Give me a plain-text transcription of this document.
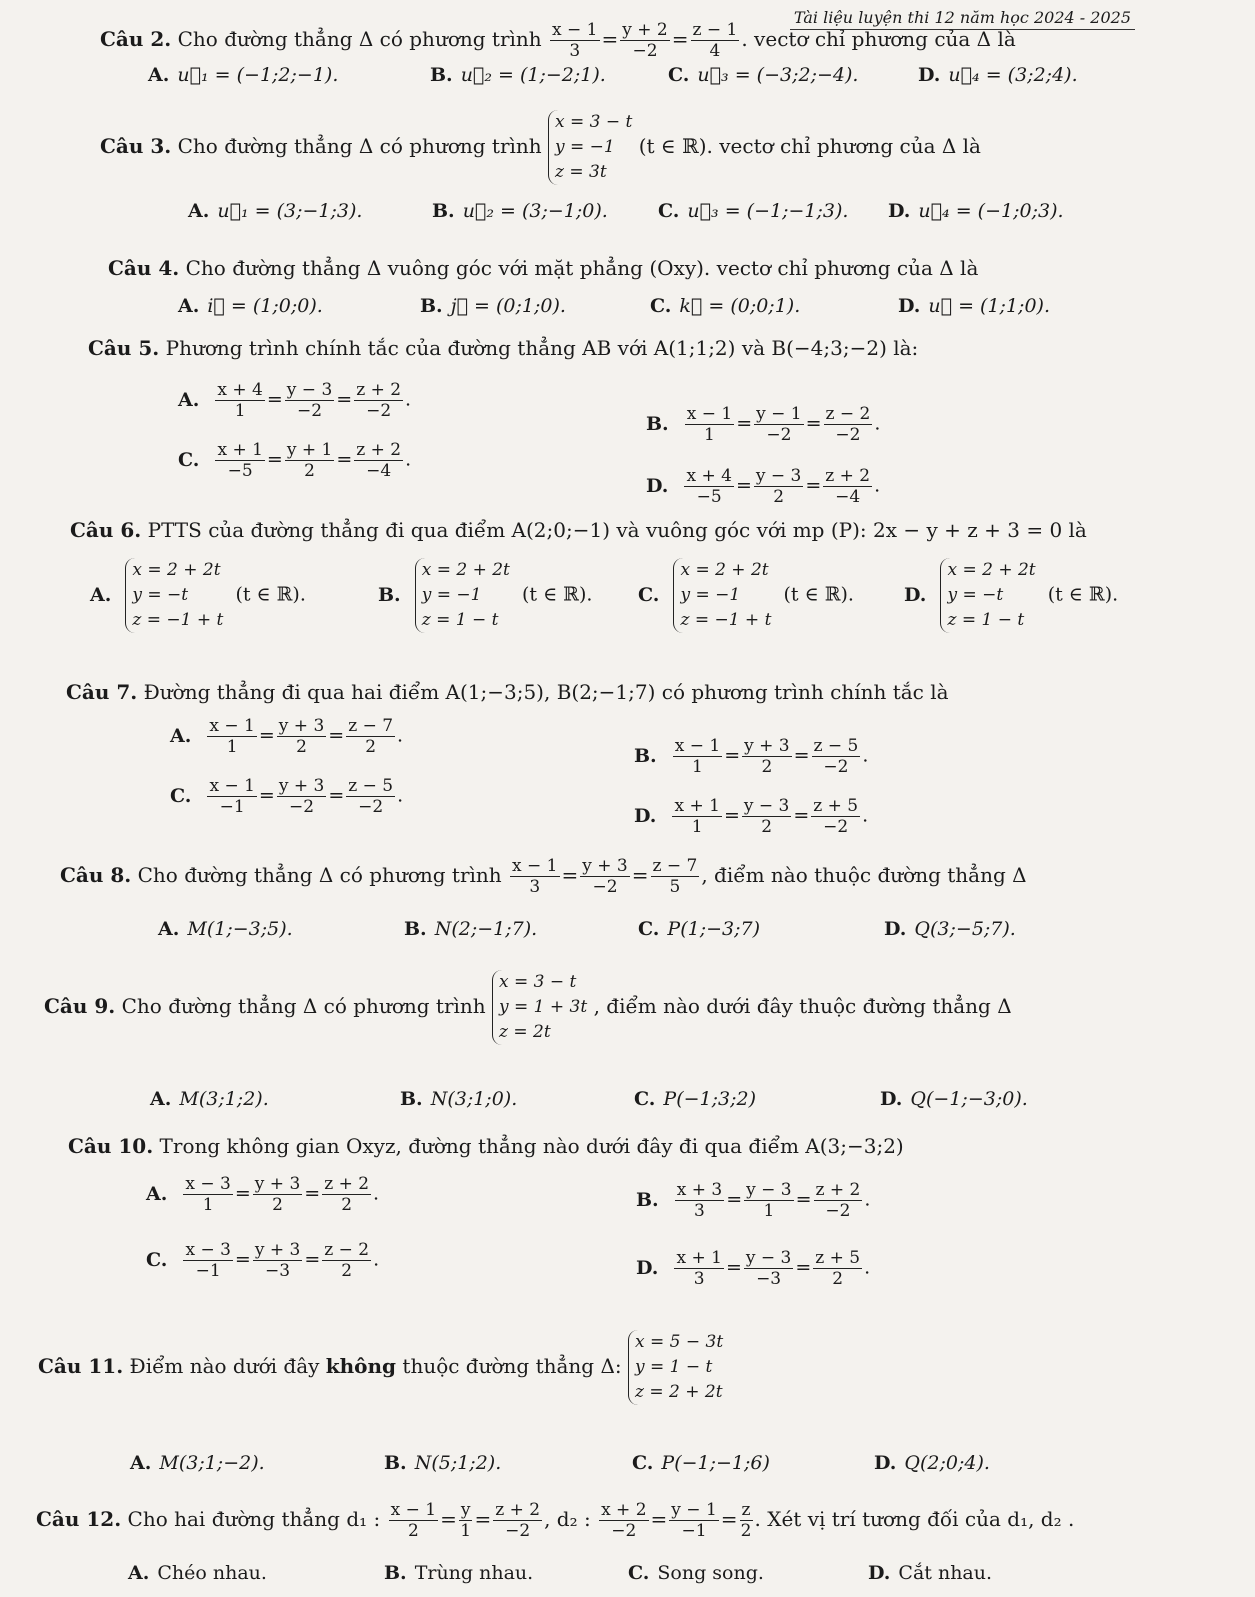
Tài liệu luyện thi 12 năm học 2024 - 2025
Câu 2. Cho đường thẳng Δ có phương trình $\frac{x - 1}{3} = \frac{y + 2}{-2} = \frac{z - 1}{4}$ . vectơ chỉ phương của Δ là
A. u⃗₁ = (−1;2;−1).	B. u⃗₂ = (1;−2;1).	C. u⃗₃ = (−3;2;−4).	D. u⃗₄ = (3;2;4).
Câu 3. Cho đường thẳng Δ có phương trình x = 3 − t
y = −1
z = 3t (t ∈ ℝ). vectơ chỉ phương của Δ là
A. u⃗₁ = (3;−1;3).	B. u⃗₂ = (3;−1;0).	C. u⃗₃ = (−1;−1;3). D. u⃗₄ = (−1;0;3).
Câu 4. Cho đường thẳng Δ vuông góc với mặt phẳng (Oxy). vectơ chỉ phương của Δ là
A. i⃗ = (1;0;0).	B. j⃗ = (0;1;0).	C. k⃗ = (0;0;1).	D. u⃗ = (1;1;0).
Câu 5. Phương trình chính tắc của đường thẳng AB với A(1;1;2) và B(−4;3;−2) là:
A. $\frac{x + 4}{1} = \frac{y - 3}{-2} = \frac{z + 2}{-2}$ .
B. $\frac{x - 1}{1} = \frac{y - 1}{-2} = \frac{z - 2}{-2}$ .
C. $\frac{x + 1}{-5} = \frac{y + 1}{2} = \frac{z + 2}{-4}$ .
D. $\frac{x + 4}{-5} = \frac{y - 3}{2} = \frac{z + 2}{-4}$ .
Câu 6. PTTS của đường thẳng đi qua điểm A(2;0;−1) và vuông góc với mp (P): 2x − y + z + 3 = 0 là
A. x = 2 + 2t
y = −t
z = −1 + t  (t ∈ ℝ).	B. x = 2 + 2t
y = −1
z = 1 − t  (t ∈ ℝ). C. x = 2 + 2t
y = −1
z = −1 + t  (t ∈ ℝ).	D. x = 2 + 2t
y = −t
z = 1 − t  (t ∈ ℝ).
Câu 7. Đường thẳng đi qua hai điểm A(1;−3;5), B(2;−1;7) có phương trình chính tắc là
A. $\frac{x - 1}{1} = \frac{y + 3}{2} = \frac{z - 7}{2}$ .
B. $\frac{x - 1}{1} = \frac{y + 3}{2} = \frac{z - 5}{-2}$ .
C. $\frac{x - 1}{-1} = \frac{y + 3}{-2} = \frac{z - 5}{-2}$ .
D. $\frac{x + 1}{1} = \frac{y - 3}{2} = \frac{z + 5}{-2}$ .
Câu 8. Cho đường thẳng Δ có phương trình $\frac{x - 1}{3} = \frac{y + 3}{-2} = \frac{z - 7}{5}$ , điểm nào thuộc đường thẳng Δ
A. M(1;−3;5).	B. N(2;−1;7).	C. P(1;−3;7)	D. Q(3;−5;7).
Câu 9. Cho đường thẳng Δ có phương trình x = 3 − t
y = 1 + 3t
z = 2t , điểm nào dưới đây thuộc đường thẳng Δ
A. M(3;1;2).	B. N(3;1;0).	C. P(−1;3;2)	D. Q(−1;−3;0).
Câu 10. Trong không gian Oxyz, đường thẳng nào dưới đây đi qua điểm A(3;−3;2)
A. $\frac{x - 3}{1} = \frac{y + 3}{2} = \frac{z + 2}{2}$ .	B. $\frac{x + 3}{3} = \frac{y - 3}{1} = \frac{z + 2}{-2}$ .
C. $\frac{x - 3}{-1} = \frac{y + 3}{-3} = \frac{z - 2}{2}$ .	D. $\frac{x + 1}{3} = \frac{y - 3}{-3} = \frac{z + 5}{2}$ .
Câu 11. Điểm nào dưới đây không thuộc đường thẳng Δ: x = 5 − 3t
y = 1 − t
z = 2 + 2t
A. M(3;1;−2).	B. N(5;1;2).	C. P(−1;−1;6)	D. Q(2;0;4).
Câu 12. Cho hai đường thẳng d₁ : $\frac{x - 1}{2} = \frac{y}{1} = \frac{z + 2}{-2}$ , d₂ : $\frac{x + 2}{-2} = \frac{y - 1}{-1} = \frac{z}{2}$ . Xét vị trí tương đối của d₁, d₂ .
A. Chéo nhau.	B. Trùng nhau.	C. Song song.	D. Cắt nhau.
